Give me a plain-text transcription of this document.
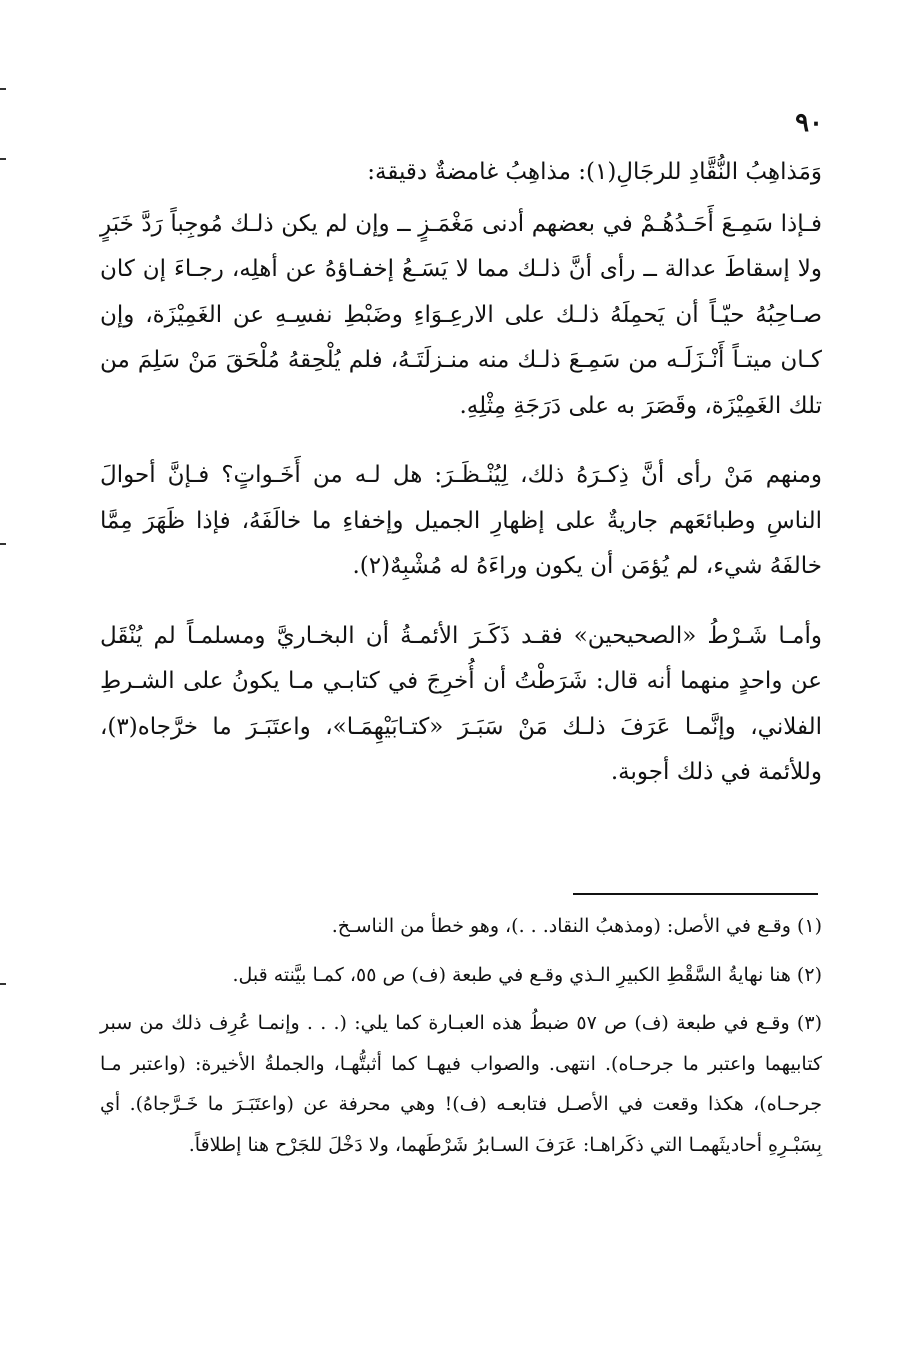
٩٠

وَمَذاهِبُ النُّقَّادِ للرجَالِ(١): مذاهِبُ غامضةٌ دقيقة:

فـإذا سَمِـعَ أَحَـدُهُـمْ في بعضهم أدنى مَغْمَـزٍ ــ وإن لم يكن ذلـك مُوجِباً رَدَّ خَبَرٍ ولا إسقاطَ عدالة ــ رأى أنَّ ذلـك مما لا يَسَـعُ إخفـاؤهُ عن أهلِه، رجـاءَ إن كان صـاحِبُهُ حيّـاً أن يَحمِلَهُ ذلـك على الارعِـوَاءِ وضَبْطِ نفسِـهِ عن الغَمِيْزَة، وإن كـان ميتـاً أَنْـزَلَـه من سَمِـعَ ذلـك منه منـزلَتَـهُ، فلم يُلْحِقهُ مُلْحَقَ مَنْ سَلِمَ من تلك الغَمِيْزَة، وقَصَرَ به على دَرَجَةِ مِثْلِهِ.

ومنهم مَنْ رأى أنَّ ذِكـرَهُ ذلك، لِيُنْـظَـرَ: هل لـه من أَخَـواتٍ؟ فـإنَّ أحوالَ الناسِ وطبائعَهم جاريةٌ على إظهارِ الجميل وإخفاءِ ما خالَفَهُ، فإذا ظَهَرَ مِمَّا خالفَهُ شيء، لم يُؤمَن أن يكون وراءَهُ له مُشْبِهٌ(٢).

وأمـا شَـرْطُ «الصحيحين» فقـد ذَكَـرَ الأئمـةُ أن البخـاريَّ ومسلمـاً لم يُنْقَل عن واحدٍ منهما أنه قال: شَرَطْتُ أن أُخرِجَ في كتابـي مـا يكونُ على الشـرطِ الفلاني، وإنَّمـا عَرَفَ ذلـك مَنْ سَبَـرَ «كتـابَيْهِمَـا»، واعتَبَـرَ ما خرَّجاه(٣)، وللأئمة في ذلك أجوبة.

(١) وقـع في الأصل: (ومذهبُ النقاد. . .)، وهو خطأ من الناسـخ.

(٢) هنا نهايةُ السَّقْطِ الكبيرِ الـذي وقـع في طبعة (ف) ص ٥٥، كمـا بيَّنته قبل.

(٣) وقـع في طبعة (ف) ص ٥٧ ضبطُ هذه العبـارة كما يلي: (. . . وإنمـا عُرِف ذلك من سبر كتابيهما واعتبر ما جرحـاه). انتهى. والصواب فيهـا كما أثبتُّهـا، والجملةُ الأخيرة: (واعتبر مـا جرحـاه)، هكذا وقعت في الأصـل فتابعـه (ف)! وهي محرفة عن (واعتَبَـرَ ما خَـرَّجاهُ). أي بِسَبْـرِهِ أحاديثَهمـا التي ذكَراهـا: عَرَفَ السـابرُ شَرْطَهما، ولا دَخْلَ للجَرْح هنا إطلاقاً.
